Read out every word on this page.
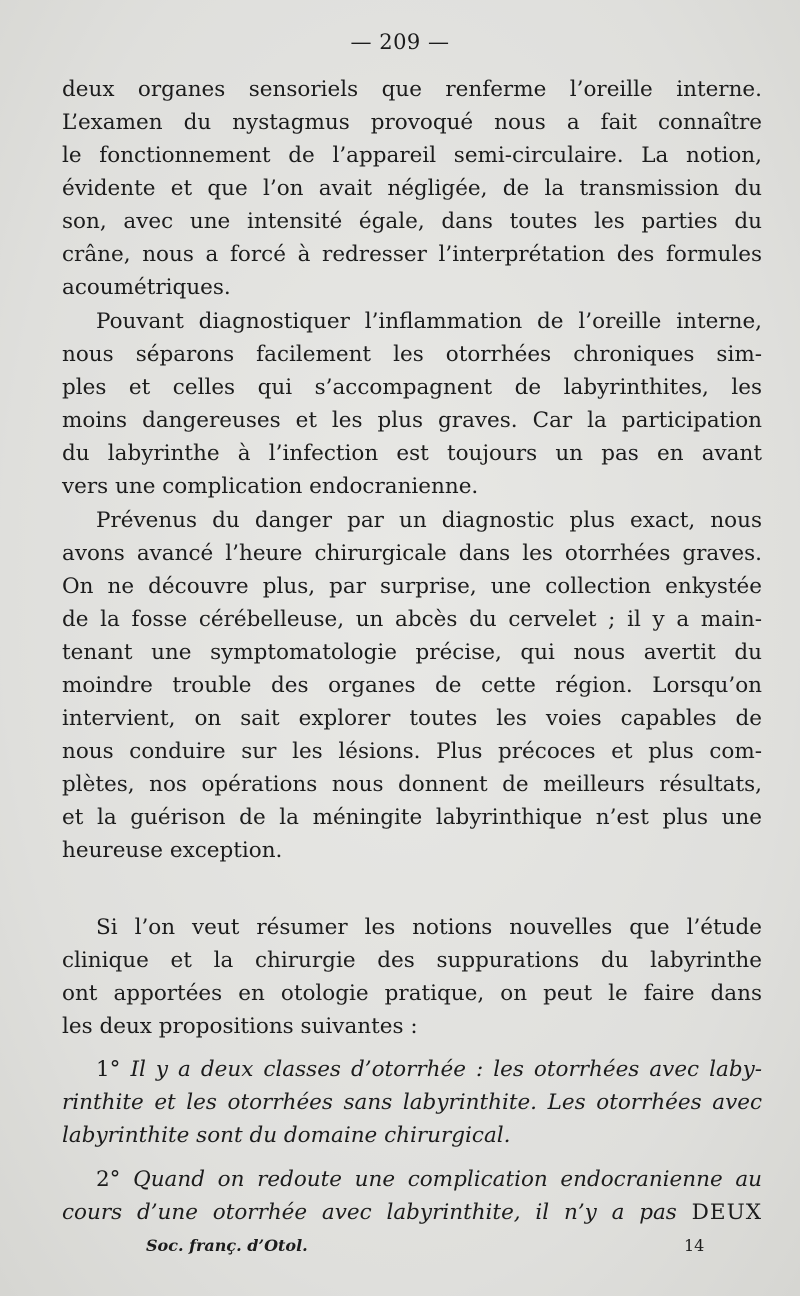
— 209 —
deux organes sensoriels que renferme l’oreille interne.
L’examen du nystagmus provoqué nous a fait connaître
le fonctionnement de l’appareil semi-circulaire. La notion,
évidente et que l’on avait négligée, de la transmission du
son, avec une intensité égale, dans toutes les parties du
crâne, nous a forcé à redresser l’interprétation des formules
acoumétriques.
Pouvant diagnostiquer l’inflammation de l’oreille interne,
nous séparons facilement les otorrhées chroniques sim-
ples et celles qui s’accompagnent de labyrinthites, les
moins dangereuses et les plus graves. Car la participation
du labyrinthe à l’infection est toujours un pas en avant
vers une complication endocranienne.
Prévenus du danger par un diagnostic plus exact, nous
avons avancé l’heure chirurgicale dans les otorrhées graves.
On ne découvre plus, par surprise, une collection enkystée
de la fosse cérébelleuse, un abcès du cervelet ; il y a main-
tenant une symptomatologie précise, qui nous avertit du
moindre trouble des organes de cette région. Lorsqu’on
intervient, on sait explorer toutes les voies capables de
nous conduire sur les lésions. Plus précoces et plus com-
plètes, nos opérations nous donnent de meilleurs résultats,
et la guérison de la méningite labyrinthique n’est plus une
heureuse exception.
Si l’on veut résumer les notions nouvelles que l’étude
clinique et la chirurgie des suppurations du labyrinthe
ont apportées en otologie pratique, on peut le faire dans
les deux propositions suivantes :
1° Il y a deux classes d’otorrhée : les otorrhées avec laby-
rinthite et les otorrhées sans labyrinthite. Les otorrhées avec
labyrinthite sont du domaine chirurgical.
2° Quand on redoute une complication endocranienne au
cours d’une otorrhée avec labyrinthite, il n’y a pas DEUX
Soc. franç. d’Otol.	14
